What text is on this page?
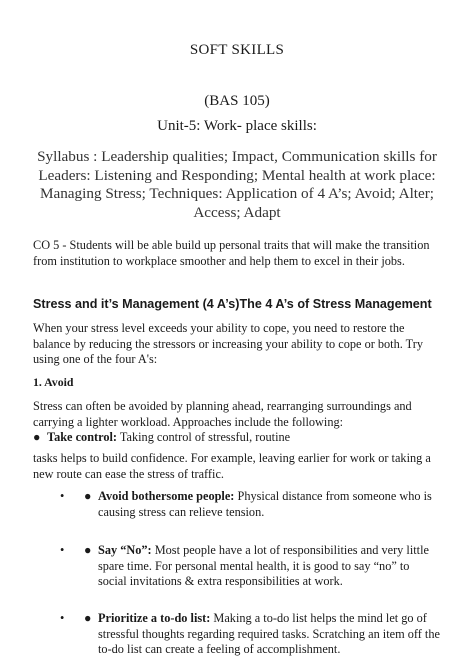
SOFT SKILLS
(BAS 105)
Unit-5: Work- place skills:
Syllabus : Leadership qualities; Impact, Communication skills for Leaders: Listening and Responding; Mental health at work place: Managing Stress; Techniques: Application of 4 A’s; Avoid; Alter; Access; Adapt
CO 5 - Students will be able build up personal traits that will make the transition from institution to workplace smoother and help them to excel in their jobs.
Stress and it’s Management (4 A’s)The 4 A’s of Stress Management
When your stress level exceeds your ability to cope, you need to restore the balance by reducing the stressors or increasing your ability to cope or both. Try using one of the four A's:
1. Avoid
Stress can often be avoided by planning ahead, rearranging surroundings and carrying a lighter workload. Approaches include the following:
● Take control: Taking control of stressful, routine
tasks helps to build confidence. For example, leaving earlier for work or taking a new route can ease the stress of traffic.
•	● Avoid bothersome people: Physical distance from someone who is causing stress can relieve tension.
•	● Say “No”: Most people have a lot of responsibilities and very little spare time. For personal mental health, it is good to say “no” to social invitations & extra responsibilities at work.
•	● Prioritize a to-do list: Making a to-do list helps the mind let go of stressful thoughts regarding required tasks. Scratching an item off the to-do list can create a feeling of accomplishment.
